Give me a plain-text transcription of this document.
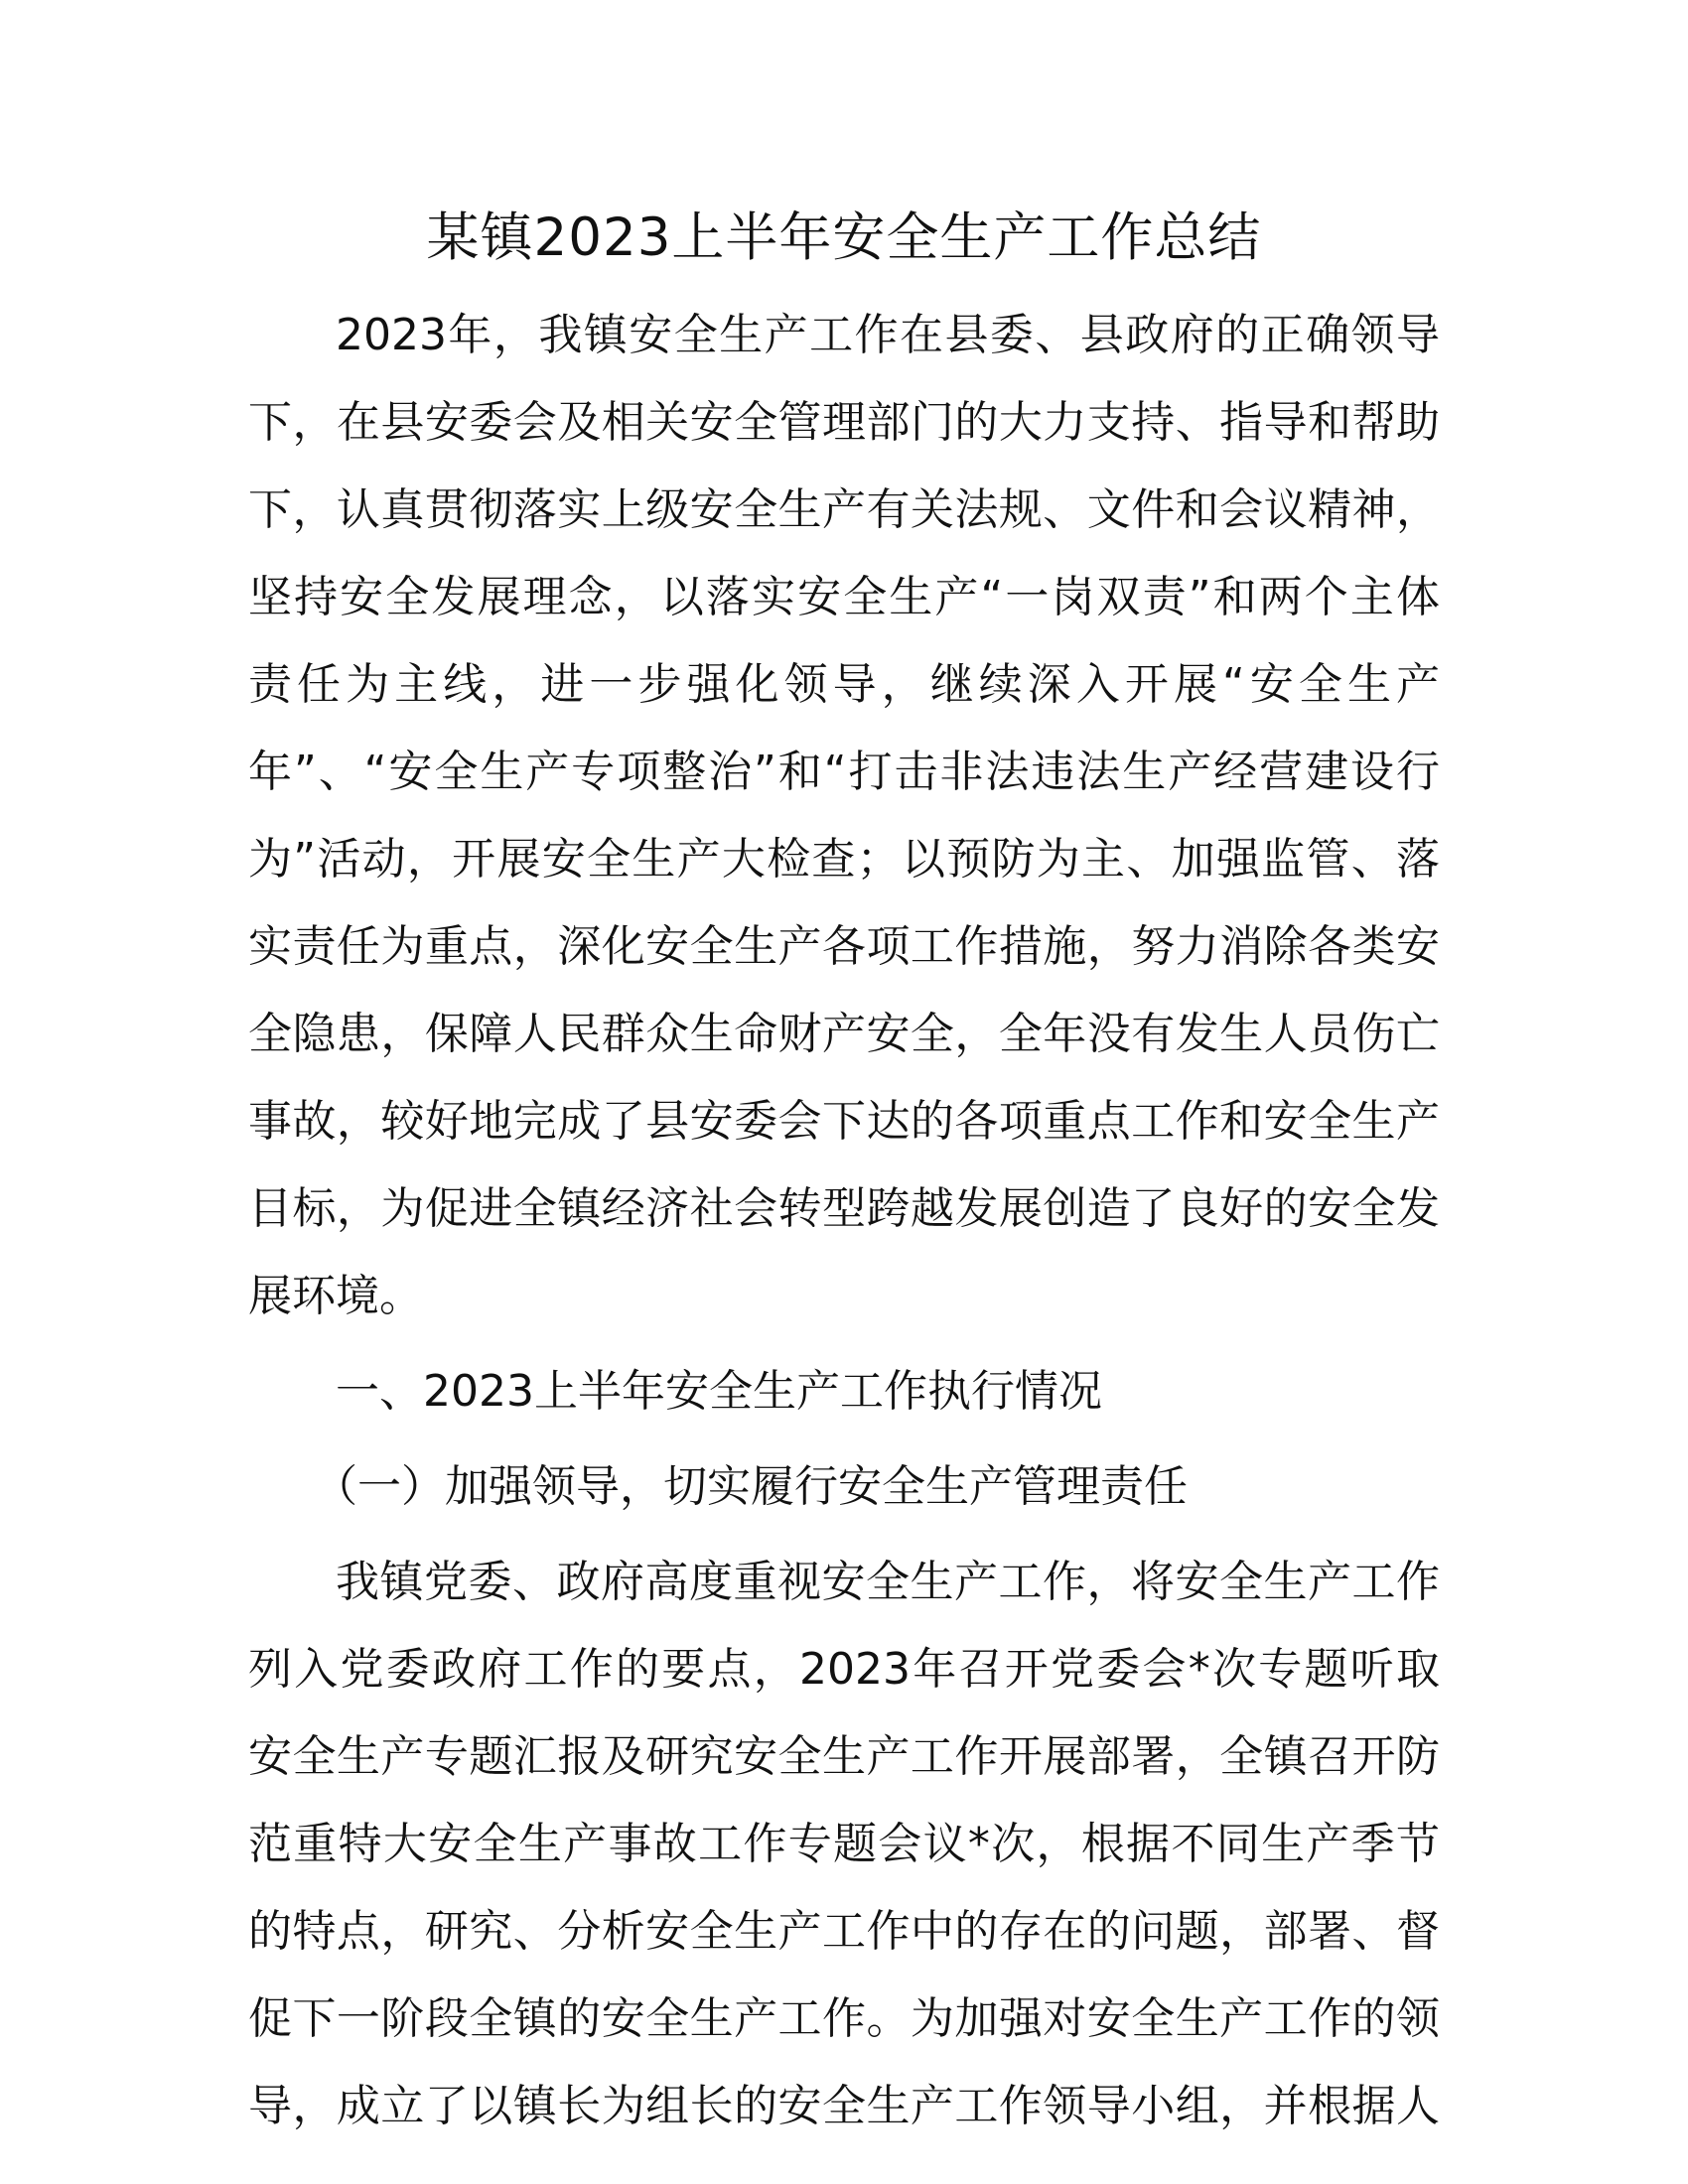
某镇2023上半年安全生产工作总结
2023年，我镇安全生产工作在县委、县政府的正确领导
下，在县安委会及相关安全管理部门的大力支持、指导和帮助
下，认真贯彻落实上级安全生产有关法规、文件和会议精神，
坚持安全发展理念，以落实安全生产“一岗双责”和两个主体
责任为主线，进一步强化领导，继续深入开展“安全生产
年”、“安全生产专项整治”和“打击非法违法生产经营建设行
为”活动，开展安全生产大检查；以预防为主、加强监管、落
实责任为重点，深化安全生产各项工作措施，努力消除各类安
全隐患，保障人民群众生命财产安全，全年没有发生人员伤亡
事故，较好地完成了县安委会下达的各项重点工作和安全生产
目标，为促进全镇经济社会转型跨越发展创造了良好的安全发
展环境。
一、2023上半年安全生产工作执行情况
（一）加强领导，切实履行安全生产管理责任
我镇党委、政府高度重视安全生产工作，将安全生产工作
列入党委政府工作的要点，2023年召开党委会*次专题听取
安全生产专题汇报及研究安全生产工作开展部署，全镇召开防
范重特大安全生产事故工作专题会议*次，根据不同生产季节
的特点，研究、分析安全生产工作中的存在的问题，部署、督
促下一阶段全镇的安全生产工作。为加强对安全生产工作的领
导，成立了以镇长为组长的安全生产工作领导小组，并根据人
